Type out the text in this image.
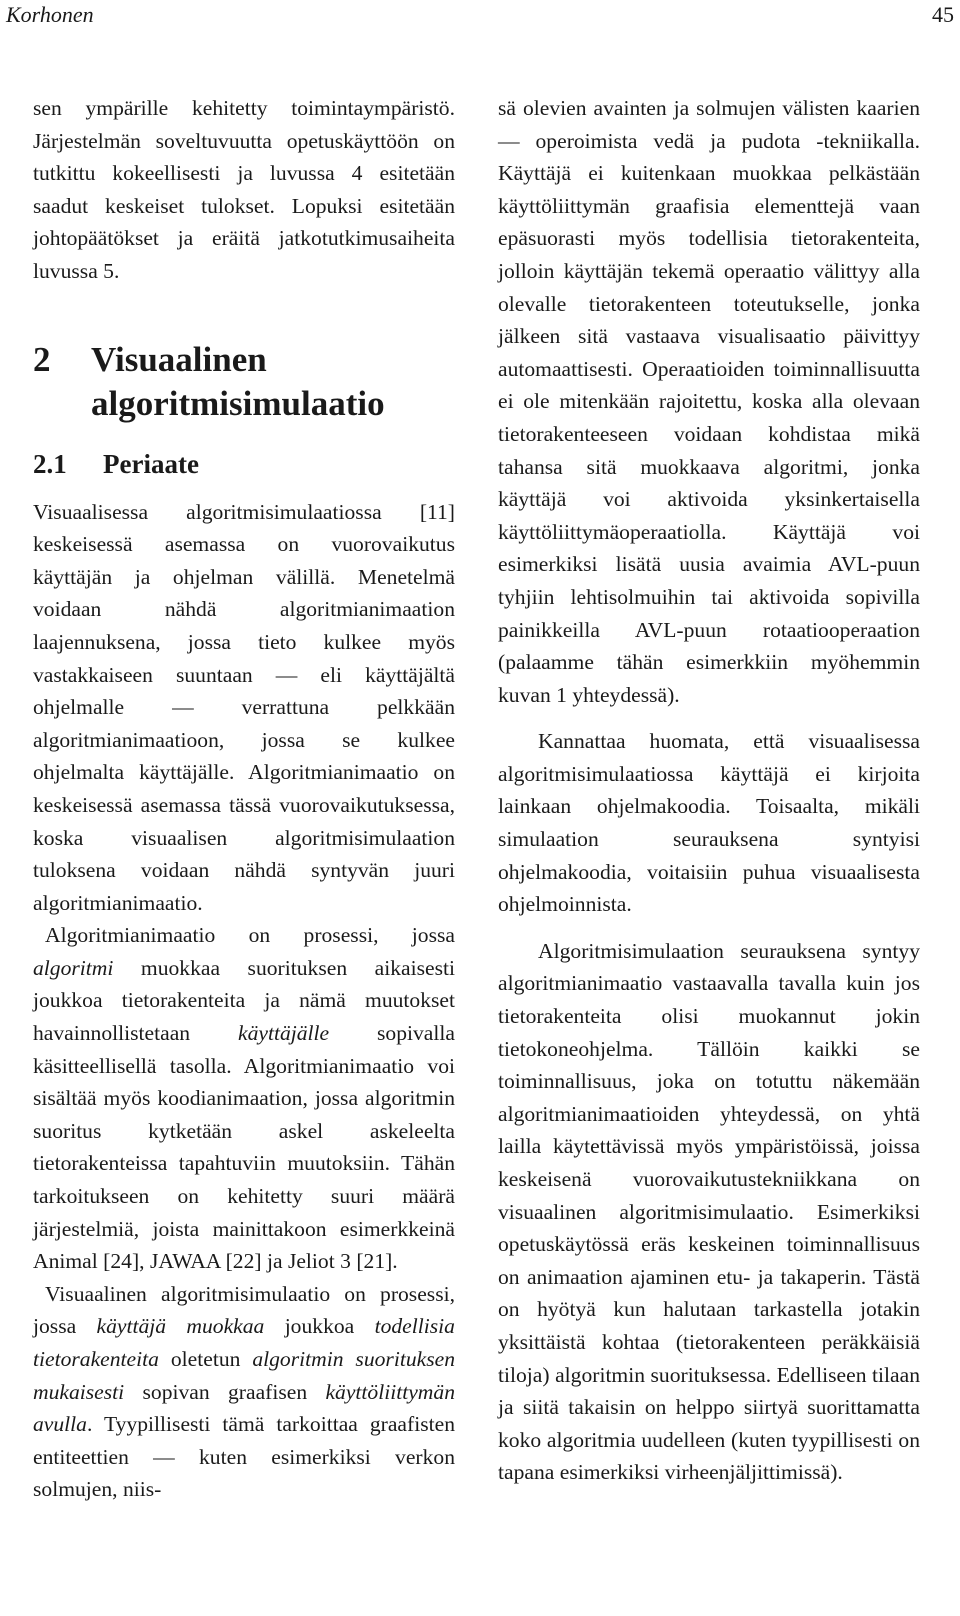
Korhonen	45

sen ympärille kehitetty toimintaympäristö. Järjestelmän soveltuvuutta opetuskäyttöön on tutkittu kokeellisesti ja luvussa 4 esitetään saadut keskeiset tulokset. Lopuksi esitetään johtopäätökset ja eräitä jatkotutkimusaiheita luvussa 5.

2	Visuaalinen algoritmisimulaatio
2.1	Periaate

Visuaalisessa algoritmisimulaatiossa [11] keskeisessä asemassa on vuorovaikutus käyttäjän ja ohjelman välillä. Menetelmä voidaan nähdä algoritmianimaation laajennuksena, jossa tieto kulkee myös vastakkaiseen suuntaan — eli käyttäjältä ohjelmalle — verrattuna pelkkään algoritmianimaatioon, jossa se kulkee ohjelmalta käyttäjälle. Algoritmianimaatio on keskeisessä asemassa tässä vuorovaikutuksessa, koska visuaalisen algoritmisimulaation tuloksena voidaan nähdä syntyvän juuri algoritmianimaatio.

Algoritmianimaatio on prosessi, jossa algoritmi muokkaa suorituksen aikaisesti joukkoa tietorakenteita ja nämä muutokset havainnollistetaan käyttäjälle sopivalla käsitteellisellä tasolla. Algoritmianimaatio voi sisältää myös koodianimaation, jossa algoritmin suoritus kytketään askel askeleelta tietorakenteissa tapahtuviin muutoksiin. Tähän tarkoitukseen on kehitetty suuri määrä järjestelmiä, joista mainittakoon esimerkkeinä Animal [24], JAWAA [22] ja Jeliot 3 [21].

Visuaalinen algoritmisimulaatio on prosessi, jossa käyttäjä muokkaa joukkoa todellisia tietorakenteita oletetun algoritmin suorituksen mukaisesti sopivan graafisen käyttöliittymän avulla. Tyypillisesti tämä tarkoittaa graafisten entiteettien — kuten esimerkiksi verkon solmujen, niis-

sä olevien avainten ja solmujen välisten kaarien — operoimista vedä ja pudota -tekniikalla. Käyttäjä ei kuitenkaan muokkaa pelkästään käyttöliittymän graafisia elementtejä vaan epäsuorasti myös todellisia tietorakenteita, jolloin käyttäjän tekemä operaatio välittyy alla olevalle tietorakenteen toteutukselle, jonka jälkeen sitä vastaava visualisaatio päivittyy automaattisesti. Operaatioiden toiminnallisuutta ei ole mitenkään rajoitettu, koska alla olevaan tietorakenteeseen voidaan kohdistaa mikä tahansa sitä muokkaava algoritmi, jonka käyttäjä voi aktivoida yksinkertaisella käyttöliittymäoperaatiolla. Käyttäjä voi esimerkiksi lisätä uusia avaimia AVL-puun tyhjiin lehtisolmuihin tai aktivoida sopivilla painikkeilla AVL-puun rotaatiooperaation (palaamme tähän esimerkkiin myöhemmin kuvan 1 yhteydessä).

Kannattaa huomata, että visuaalisessa algoritmisimulaatiossa käyttäjä ei kirjoita lainkaan ohjelmakoodia. Toisaalta, mikäli simulaation seurauksena syntyisi ohjelmakoodia, voitaisiin puhua visuaalisesta ohjelmoinnista.

Algoritmisimulaation seurauksena syntyy algoritmianimaatio vastaavalla tavalla kuin jos tietorakenteita olisi muokannut jokin tietokoneohjelma. Tällöin kaikki se toiminnallisuus, joka on totuttu näkemään algoritmianimaatioiden yhteydessä, on yhtä lailla käytettävissä myös ympäristöissä, joissa keskeisenä vuorovaikutustekniikkana on visuaalinen algoritmisimulaatio. Esimerkiksi opetuskäytössä eräs keskeinen toiminnallisuus on animaation ajaminen etu- ja takaperin. Tästä on hyötyä kun halutaan tarkastella jotakin yksittäistä kohtaa (tietorakenteen peräkkäisiä tiloja) algoritmin suorituksessa. Edelliseen tilaan ja siitä takaisin on helppo siirtyä suorittamatta koko algoritmia uudelleen (kuten tyypillisesti on tapana esimerkiksi virheenjäljittimissä).
